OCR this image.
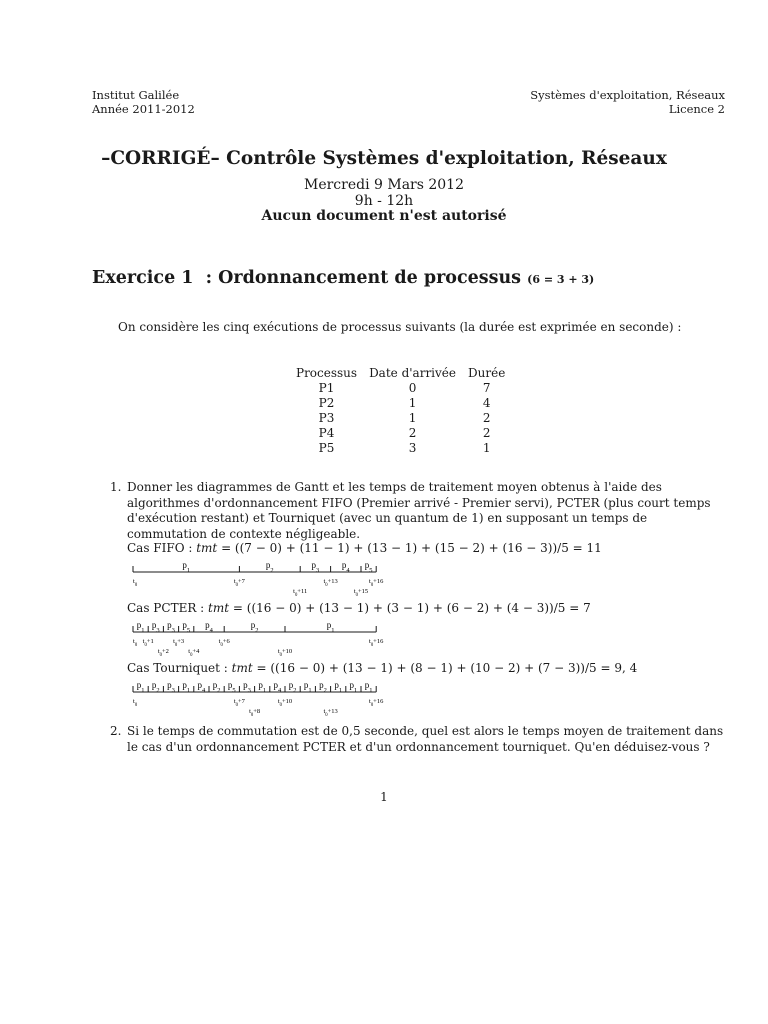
Institut Galilée
Année 2011-2012
Systèmes d'exploitation, Réseaux
Licence 2
–CORRIGÉ– Contrôle Systèmes d'exploitation, Réseaux
Mercredi 9 Mars 2012
9h - 12h
Aucun document n'est autorisé
Exercice 1 : Ordonnancement de processus (6 = 3 + 3)
On considère les cinq exécutions de processus suivants (la durée est exprimée en seconde) :
Processus	Date d'arrivée	Durée
P1	0	7
P2	1	4
P3	1	2
P4	2	2
P5	3	1
1. Donner les diagrammes de Gantt et les temps de traitement moyen obtenus à l'aide des algorithmes d'ordonnancement FIFO (Premier arrivé - Premier servi), PCTER (plus court temps d'exécution restant) et Tourniquet (avec un quantum de 1) en supposant un temps de commutation de contexte négligeable.
Cas FIFO : tmt = ((7 − 0) + (11 − 1) + (13 − 1) + (15 − 2) + (16 − 3))/5 = 11
$p_1$	$p_2$	$p_3$	$p_4$ $p_5$
$t_0$	$t_0+7$	$t_0+13$	$t_0+16$
$t_0+11$	$t_0+15$
Cas PCTER : tmt = ((16 − 0) + (13 − 1) + (3 − 1) + (6 − 2) + (4 − 3))/5 = 7
$p_1$ $p_3$ $p_3$ $p_5$ $p_4$	$p_2$	$p_1$
$t_0$ $t_0+1$	$t_0+3$	$t_0+6$	$t_0+16$
$t_0+2$	$t_0+4$	$t_0+10$
Cas Tourniquet : tmt = ((16 − 0) + (13 − 1) + (8 − 1) + (10 − 2) + (7 − 3))/5 = 9, 4
$p_1$ $p_2$ $p_3$ $p_1$ $p_4$ $p_2$ $p_5$ $p_3$ $p_1$ $p_4$ $p_2$ $p_1$ $p_2$ $p_1$ $p_1$ $p_1$
$t_0$	$t_0+7$	$t_0+10$	$t_0+16$
$t_0+8$	$t_0+13$
2. Si le temps de commutation est de 0,5 seconde, quel est alors le temps moyen de traitement dans le cas d'un ordonnancement PCTER et d'un ordonnancement tourniquet. Qu'en déduisez-vous ?
1
